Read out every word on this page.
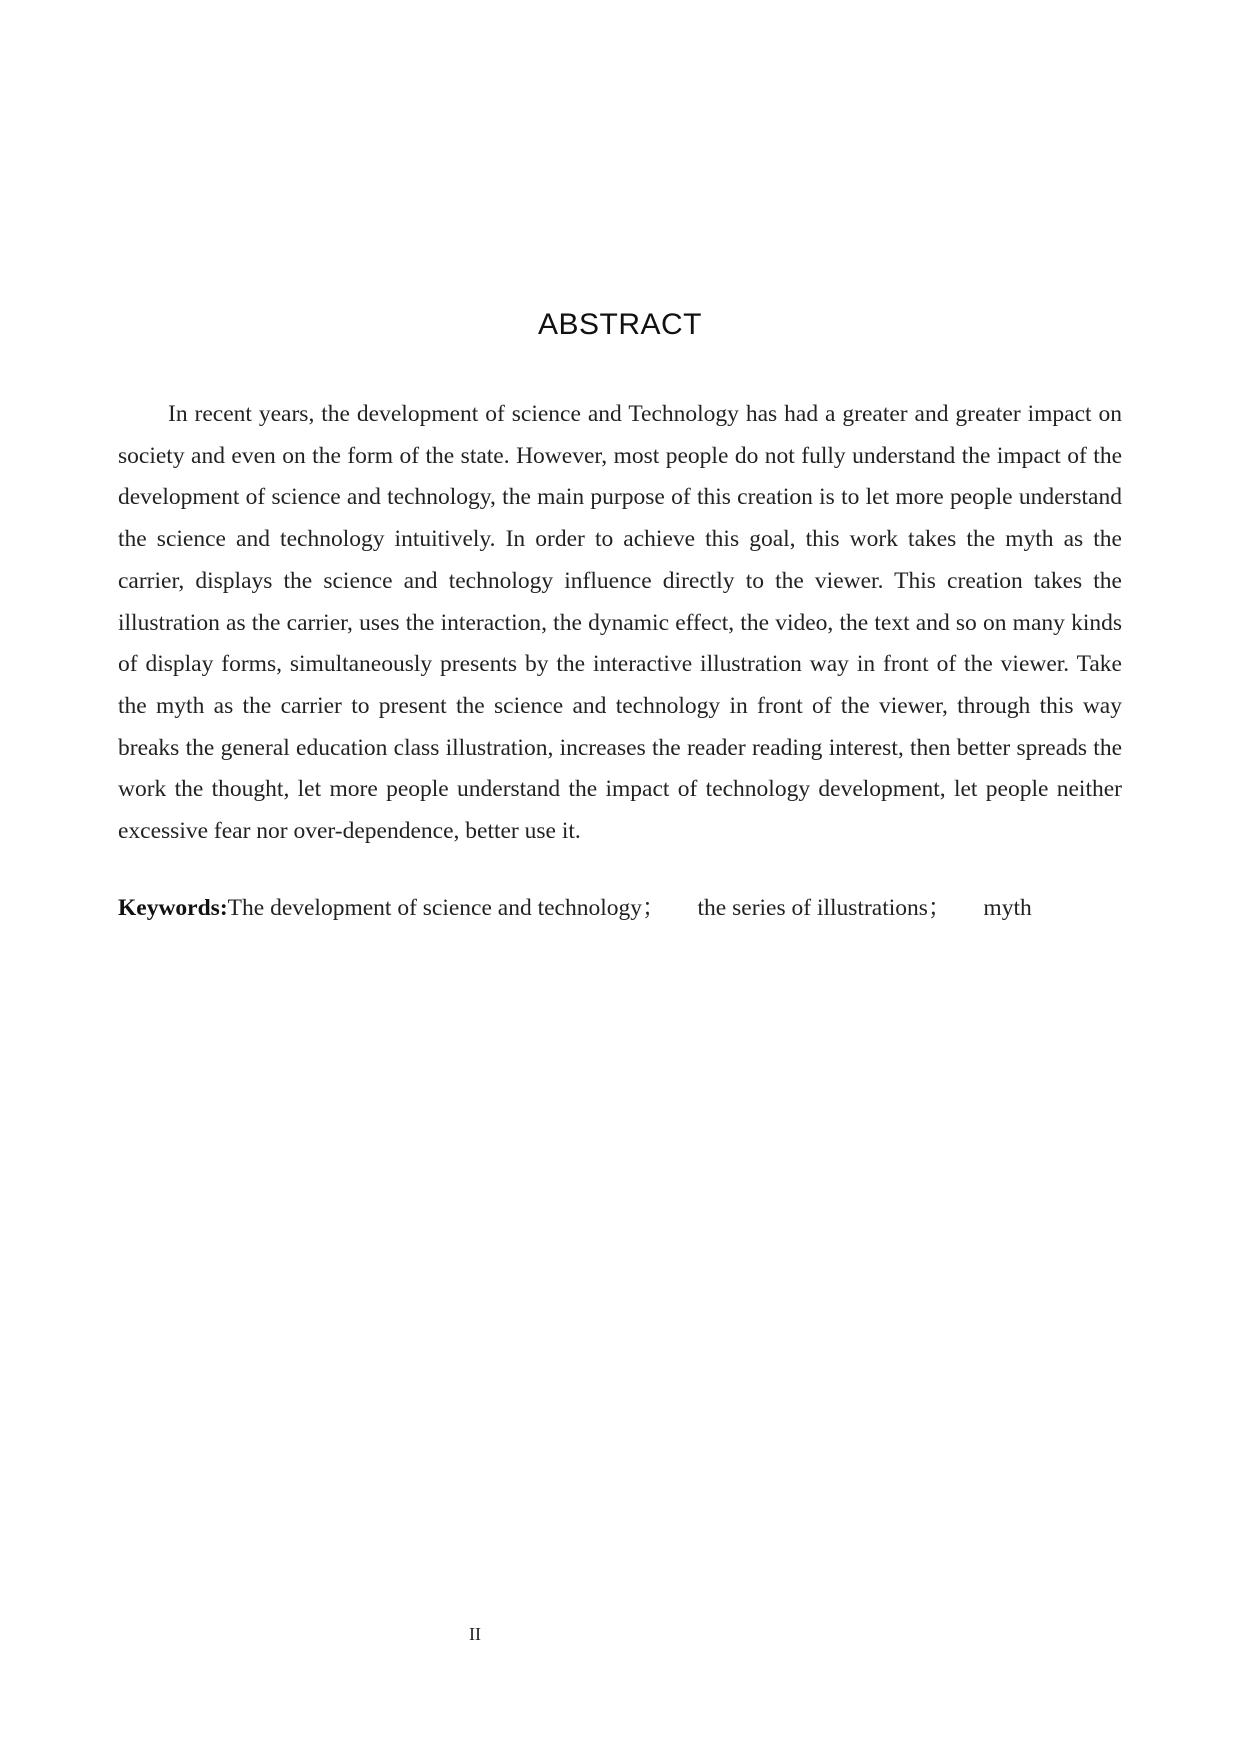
ABSTRACT

In recent years, the development of science and Technology has had a greater and greater impact on society and even on the form of the state. However, most people do not fully understand the impact of the development of science and technology, the main purpose of this creation is to let more people understand the science and technology intuitively. In order to achieve this goal, this work takes the myth as the carrier, displays the science and technology influence directly to the viewer. This creation takes the illustration as the carrier, uses the interaction, the dynamic effect, the video, the text and so on many kinds of display forms, simultaneously presents by the interactive illustration way in front of the viewer. Take the myth as the carrier to present the science and technology in front of the viewer, through this way breaks the general education class illustration, increases the reader reading interest, then better spreads the work the thought, let more people understand the impact of technology development, let people neither excessive fear nor over-dependence, better use it.

Keywords:The development of science and technology； the series of illustrations； myth

II
